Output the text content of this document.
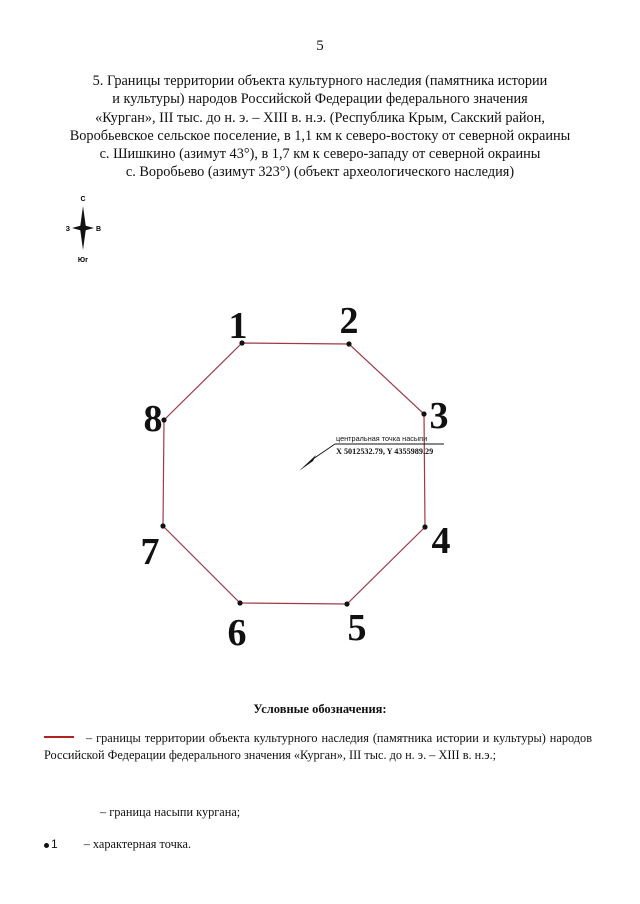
5
5. Границы территории объекта культурного наследия (памятника истории
и культуры) народов Российской Федерации федерального значения
«Курган», III тыс. до н. э. – XIII в. н.э. (Республика Крым, Сакский район,
Воробьевское сельское поселение, в 1,1 км к северо-востоку от северной окраины
с. Шишкино (азимут 43°), в 1,7 км к северо-западу от северной окраины
с. Воробьево (азимут 323°) (объект археологического наследия)
С
Юг
З	В
1 2
3
4
5
6
7
8	центральная точка насыпи
X 5012532.79, Y 4355989.29
Условные обозначения:
– границы территории объекта культурного наследия (памятника истории и культуры) народов Российской Федерации федерального значения «Курган», III тыс. до н. э. – XIII в. н.э.;
– граница насыпи кургана;
1 – характерная точка.
